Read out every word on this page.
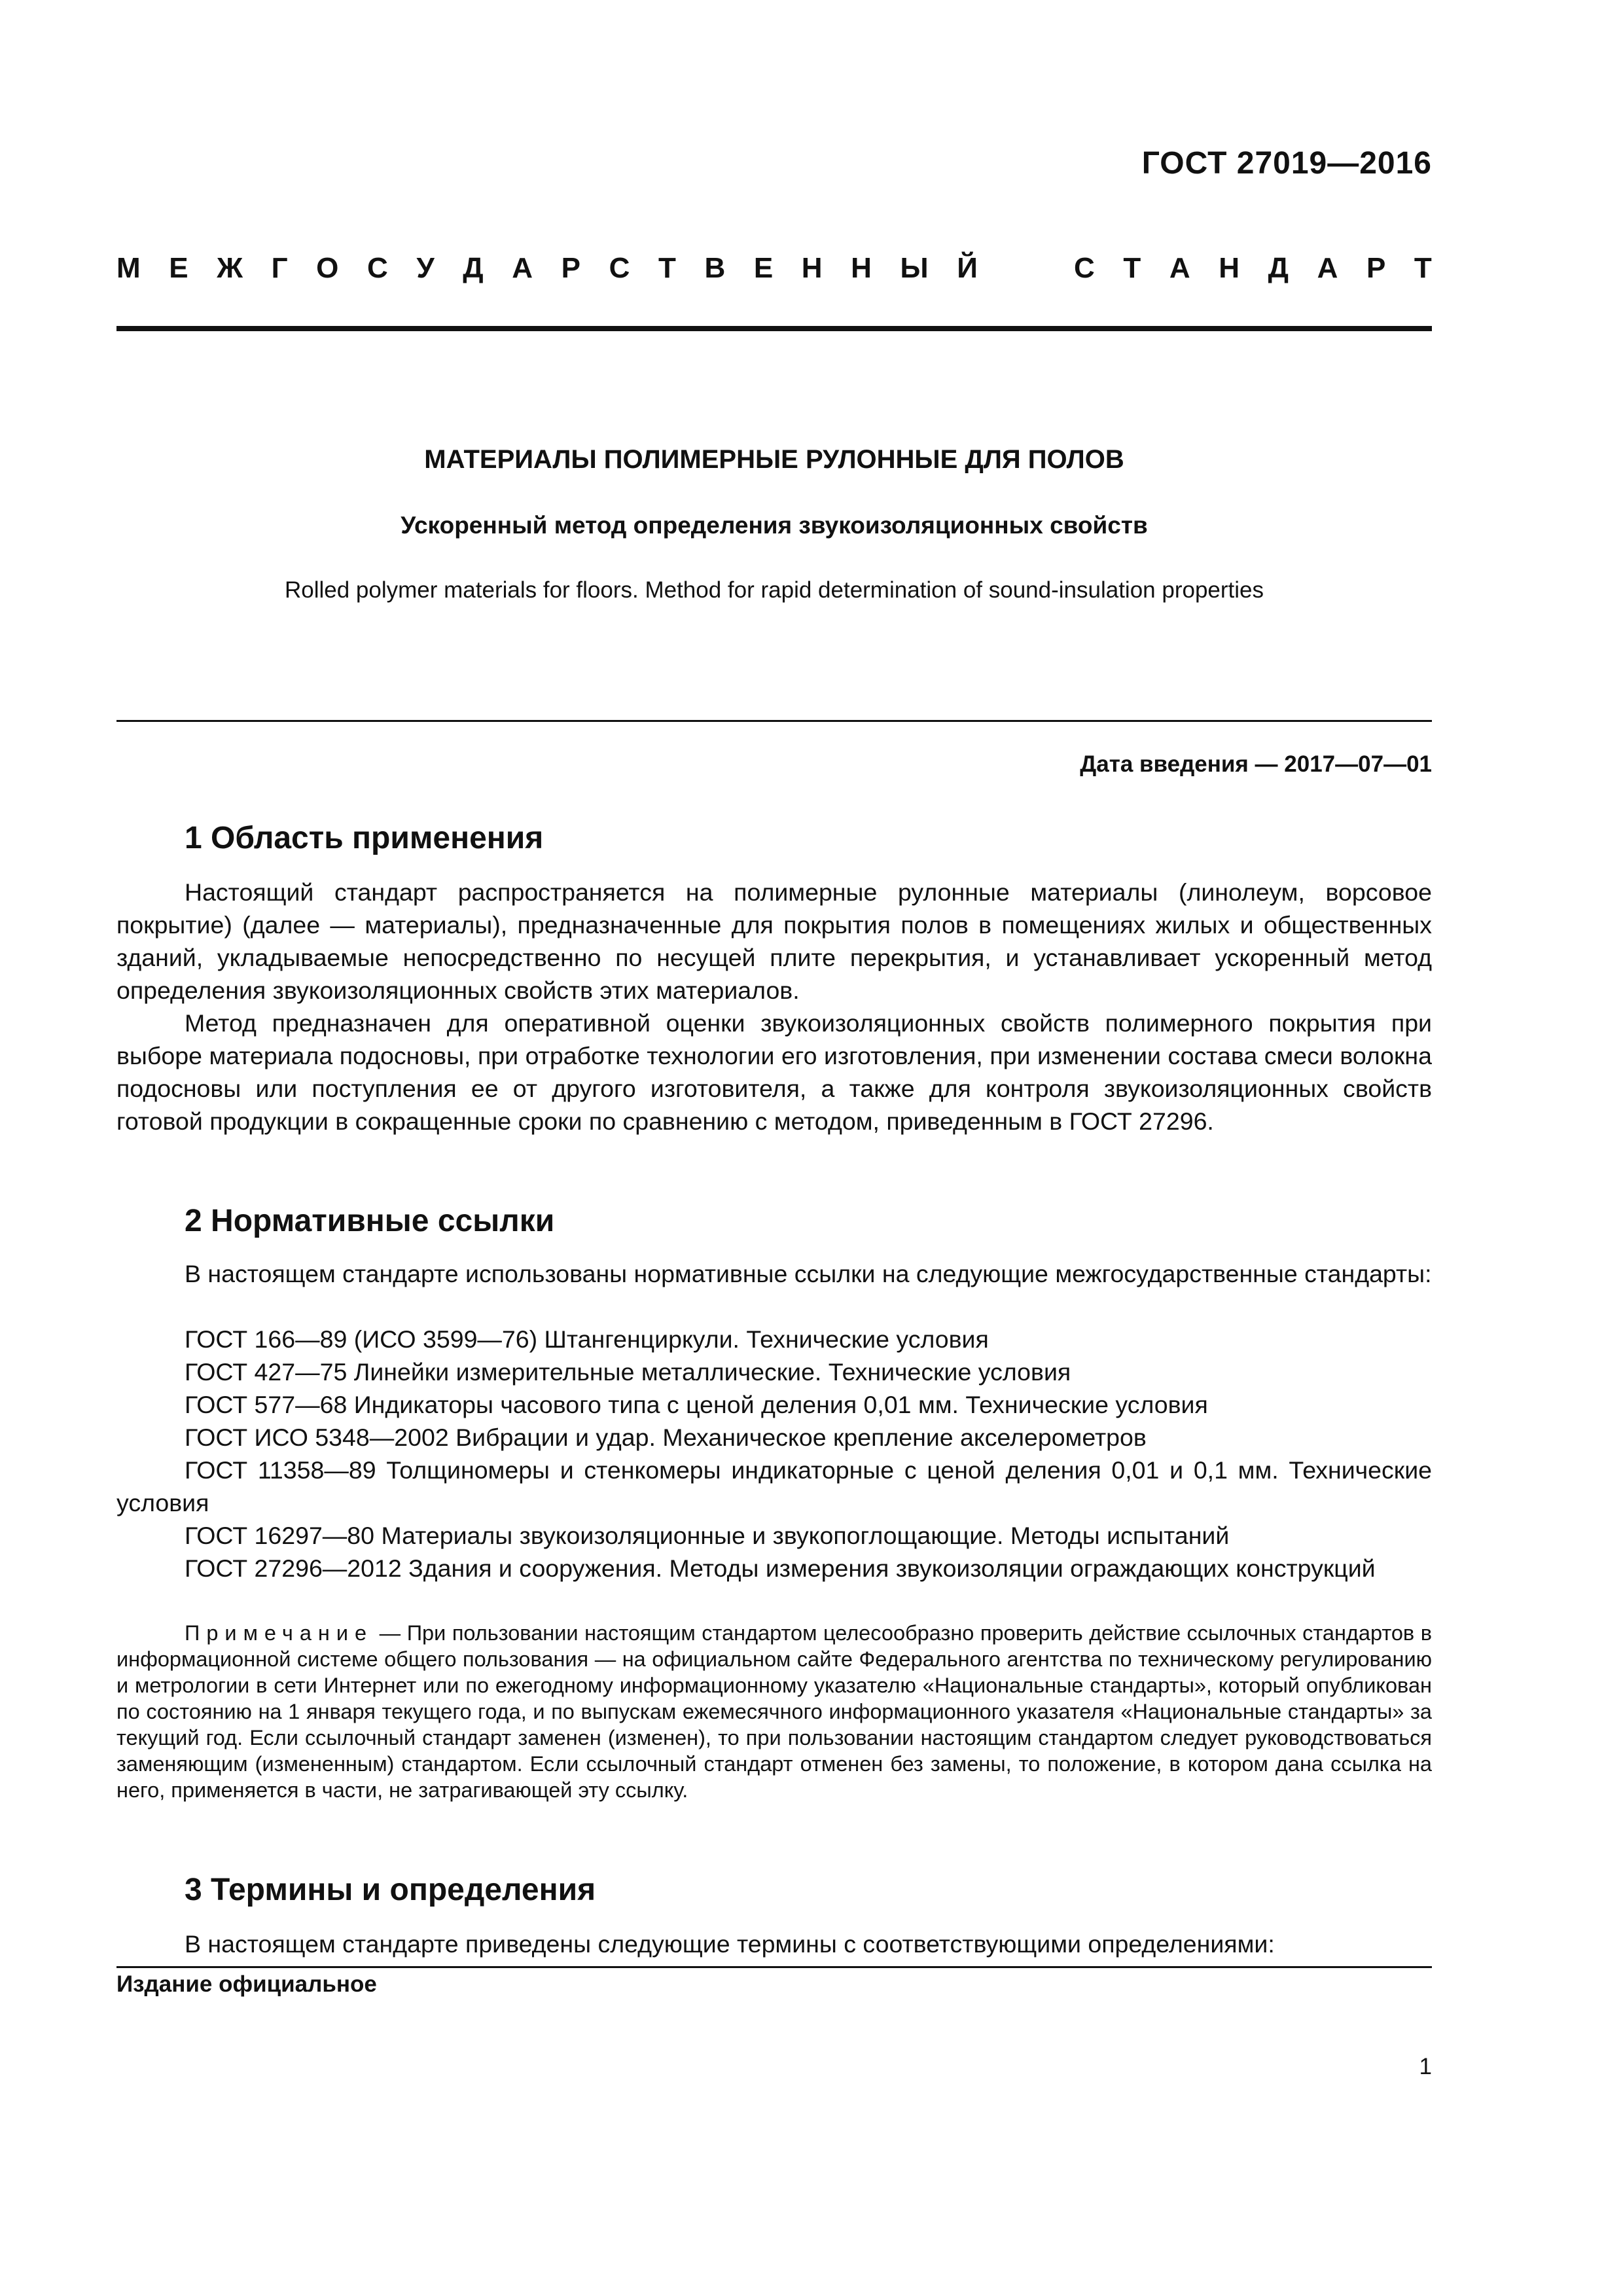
ГОСТ 27019—2016
М Е Ж Г О С У Д А Р С Т В Е Н Н Ы Й	С Т А Н Д А Р Т
МАТЕРИАЛЫ ПОЛИМЕРНЫЕ РУЛОННЫЕ ДЛЯ ПОЛОВ
Ускоренный метод определения звукоизоляционных свойств
Rolled polymer materials for floors. Method for rapid determination of sound-insulation properties
Дата введения — 2017—07—01
1 Область применения
Настоящий стандарт распространяется на полимерные рулонные материалы (линолеум, ворсовое покрытие) (далее — материалы), предназначенные для покрытия полов в помещениях жилых и общественных зданий, укладываемые непосредственно по несущей плите перекрытия, и устанавливает ускоренный метод определения звукоизоляционных свойств этих материалов.
Метод предназначен для оперативной оценки звукоизоляционных свойств полимерного покрытия при выборе материала подосновы, при отработке технологии его изготовления, при изменении состава смеси волокна подосновы или поступления ее от другого изготовителя, а также для контроля звукоизоляционных свойств готовой продукции в сокращенные сроки по сравнению с методом, приведенным в ГОСТ 27296.
2 Нормативные ссылки
В настоящем стандарте использованы нормативные ссылки на следующие межгосударственные стандарты:
ГОСТ 166—89 (ИСО 3599—76) Штангенциркули. Технические условия
ГОСТ 427—75 Линейки измерительные металлические. Технические условия
ГОСТ 577—68 Индикаторы часового типа с ценой деления 0,01 мм. Технические условия
ГОСТ ИСО 5348—2002 Вибрации и удар. Механическое крепление акселерометров
ГОСТ 11358—89 Толщиномеры и стенкомеры индикаторные с ценой деления 0,01 и 0,1 мм. Технические условия
ГОСТ 16297—80 Материалы звукоизоляционные и звукопоглощающие. Методы испытаний
ГОСТ 27296—2012 Здания и сооружения. Методы измерения звукоизоляции ограждающих конструкций
Примечание — При пользовании настоящим стандартом целесообразно проверить действие ссылочных стандартов в информационной системе общего пользования — на официальном сайте Федерального агентства по техническому регулированию и метрологии в сети Интернет или по ежегодному информационному указателю «Национальные стандарты», который опубликован по состоянию на 1 января текущего года, и по выпускам ежемесячного информационного указателя «Национальные стандарты» за текущий год. Если ссылочный стандарт заменен (изменен), то при пользовании настоящим стандартом следует руководствоваться заменяющим (измененным) стандартом. Если ссылочный стандарт отменен без замены, то положение, в котором дана ссылка на него, применяется в части, не затрагивающей эту ссылку.
3 Термины и определения
В настоящем стандарте приведены следующие термины с соответствующими определениями:
Издание официальное
1
